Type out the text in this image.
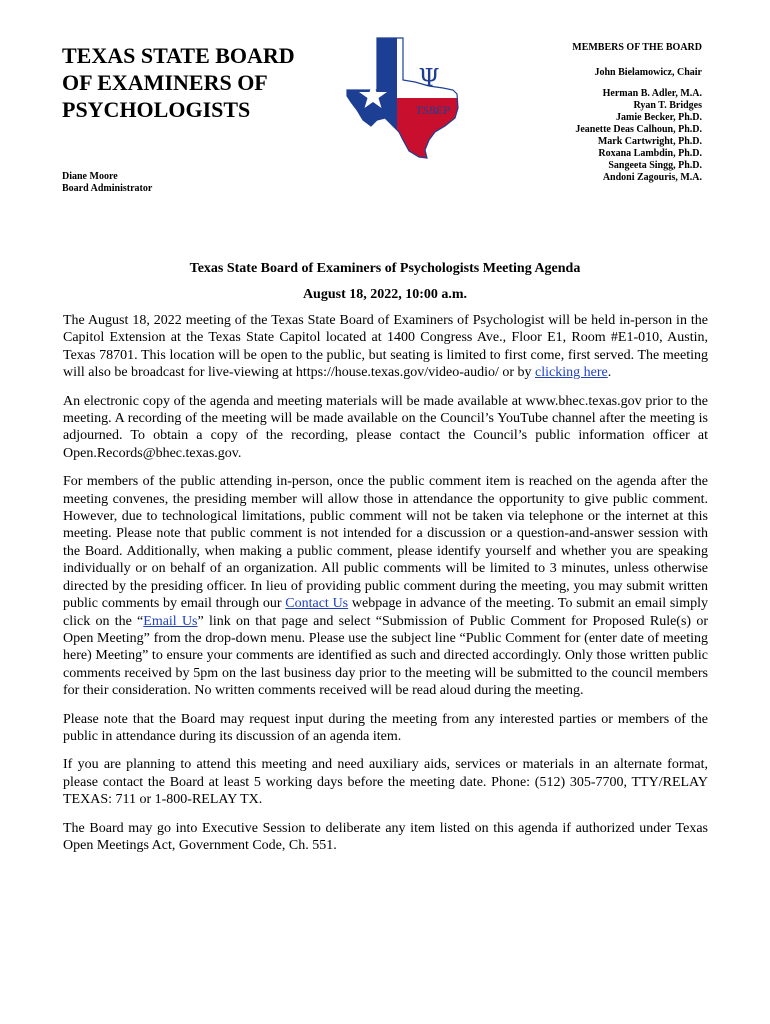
TEXAS STATE BOARD
OF EXAMINERS OF
PSYCHOLOGISTS
Diane Moore
Board Administrator
Ψ
TSBEP
MEMBERS OF THE BOARD
John Bielamowicz, Chair
Herman B. Adler, M.A.
Ryan T. Bridges
Jamie Becker, Ph.D.
Jeanette Deas Calhoun, Ph.D.
Mark Cartwright, Ph.D.
Roxana Lambdin, Ph.D.
Sangeeta Singg, Ph.D.
Andoni Zagouris, M.A.
Texas State Board of Examiners of Psychologists Meeting Agenda
August 18, 2022, 10:00 a.m.

The August 18, 2022 meeting of the Texas State Board of Examiners of Psychologist will be held in-person in the Capitol Extension at the Texas State Capitol located at 1400 Congress Ave., Floor E1, Room #E1-010, Austin, Texas 78701. This location will be open to the public, but seating is limited to first come, first served. The meeting will also be broadcast for live-viewing at https://house.texas.gov/video-audio/ or by clicking here.

An electronic copy of the agenda and meeting materials will be made available at www.bhec.texas.gov prior to the meeting. A recording of the meeting will be made available on the Council’s YouTube channel after the meeting is adjourned. To obtain a copy of the recording, please contact the Council’s public information officer at Open.Records@bhec.texas.gov.

For members of the public attending in-person, once the public comment item is reached on the agenda after the meeting convenes, the presiding member will allow those in attendance the opportunity to give public comment. However, due to technological limitations, public comment will not be taken via telephone or the internet at this meeting. Please note that public comment is not intended for a discussion or a question-and-answer session with the Board. Additionally, when making a public comment, please identify yourself and whether you are speaking individually or on behalf of an organization. All public comments will be limited to 3 minutes, unless otherwise directed by the presiding officer. In lieu of providing public comment during the meeting, you may submit written public comments by email through our Contact Us webpage in advance of the meeting. To submit an email simply click on the “Email Us” link on that page and select “Submission of Public Comment for Proposed Rule(s) or Open Meeting” from the drop-down menu. Please use the subject line “Public Comment for (enter date of meeting here) Meeting” to ensure your comments are identified as such and directed accordingly. Only those written public comments received by 5pm on the last business day prior to the meeting will be submitted to the council members for their consideration. No written comments received will be read aloud during the meeting.

Please note that the Board may request input during the meeting from any interested parties or members of the public in attendance during its discussion of an agenda item.

If you are planning to attend this meeting and need auxiliary aids, services or materials in an alternate format, please contact the Board at least 5 working days before the meeting date. Phone: (512) 305-7700, TTY/RELAY TEXAS: 711 or 1-800-RELAY TX.

The Board may go into Executive Session to deliberate any item listed on this agenda if authorized under Texas Open Meetings Act, Government Code, Ch. 551.
